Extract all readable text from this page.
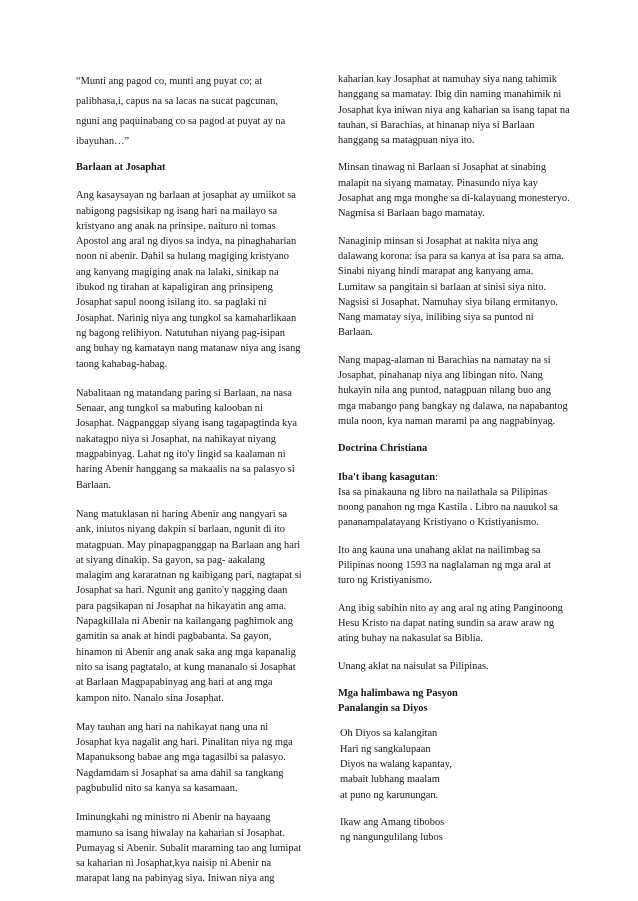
“Munti ang pagod co, munti ang puyat co; at palibhasa,i, capus na sa lacas na sucat pagcunan, nguni ang paquinabang co sa pagod at puyat ay na ibayuhan…”

Barlaan at Josaphat

Ang kasaysayan ng barlaan at josaphat ay umiikot sa nabigong pagsisikap ng isang hari na mailayo sa kristyano ang anak na prinsipe. naituro ni tomas Apostol ang aral ng diyos sa indya, na pinaghaharian noon ni abenir. Dahil sa hulang magiging kristyano ang kanyang magiging anak na lalaki, sinikap na ibukod ng tirahan at kapaligiran ang prinsipeng Josaphat sapul noong isilang ito. sa paglaki ni Josaphat. Narinig niya ang tungkol sa kamaharlikaan ng bagong relihiyon. Natutuhan niyang pag-isipan ang buhay ng kamatayn nang matanaw niya ang isang taong kahabag-habag.

Nabalitaan ng matandang paring si Barlaan, na nasa Senaar, ang tungkol sa mabuting kalooban ni Josaphat. Nagpanggap siyang isang tagapagtinda kya nakatagpo niya si Josaphat, na nahikayat niyang magpabinyag. Lahat ng ito'y lingid sa kaalaman ni haring Abenir hanggang sa makaalis na sa palasyo si Barlaan.

Nang matuklasan ni haring Abenir ang nangyari sa ank, iniutos niyang dakpin si barlaan, ngunit di ito matagpuan. May pinapagpanggap na Barlaan ang hari at siyang dinakip. Sa gayon, sa pag- aakalang malagim ang kararatnan ng kaibigang pari, nagtapat si Josaphat sa hari. Ngunit ang ganito'y nagging daan para pagsikapan ni Josaphat na hikayatin ang ama. Napagkillala ni Abenir na kailangang paghimok ang gamitin sa anak at hindi pagbabanta. Sa gayon, hinamon ni Abenir ang anak saka ang mga kapanalig nito sa isang pagtatalo, at kung mananalo si Josaphat at Barlaan Magpapabinyag ang hari at ang mga kampon nito. Nanalo sina Josaphat.

May tauhan ang hari na nahikayat nang una ni Josaphat kya nagalit ang hari. Pinalitan niya ng mga Mapanuksong babae ang mga tagasilbi sa palasyo. Nagdamdam si Josaphat sa ama dahil sa tangkang pagbubulid nito sa kanya sa kasamaan.

Iminungkahi ng ministro ni Abenir na hayaang mamuno sa isang hiwalay na kaharian si Josaphat. Pumayag si Abenir. Subalit maraming tao ang lumipat sa kaharian ni Josaphat,kya naisip ni Abenir na marapat lang na pabinyag siya. Iniwan niya ang

kaharian kay Josaphat at namuhay siya nang tahimik hanggang sa mamatay. Ibig din naming manahimik ni Josaphat kya iniwan niya ang kaharian sa isang tapat na tauhan, si Barachias, at hinanap niya si Barlaan hanggang sa matagpuan niya ito.

Minsan tinawag ni Barlaan si Josaphat at sinabing malapit na siyang mamatay. Pinasundo niya kay Josaphat ang mga monghe sa di-kalayuang monesteryo. Nagmisa si Barlaan bago mamatay.

Nanaginip minsan si Josaphat at nakita niya ang dalawang korona: isa para sa kanya at isa para sa ama. Sinabi niyang hindi marapat ang kanyang ama. Lumitaw sa pangitain si barlaan at sinisi siya nito. Nagsisi si Josaphat. Namuhay siya bilang ermitanyo. Nang mamatay siya, inilibing siya sa puntod ni Barlaan.

Nang mapag-alaman ni Barachias na namatay na si Josaphat, pinahanap niya ang libingan nito. Nang hukayin nila ang puntod, natagpuan nilang buo ang mga mabango pang bangkay ng dalawa, na napabantog mula noon, kya naman marami pa ang nagpabinyag.

Doctrina Christiana

Iba't ibang kasagutan:

Isa sa pinakauna ng libro na nailathala sa Pilipinas noong panahon ng mga Kastila . Libro na nauukol sa pananampalatayang Kristiyano o Kristiyanismo.

Ito ang kauna una unahang aklat na nailimbag sa Pilipinas noong 1593 na naglalaman ng mga aral at turo ng Kristiyanismo.

Ang ibig sabihin nito ay ang aral ng ating Panginoong Hesu Kristo na dapat nating sundin sa araw araw ng ating buhay na nakasulat sa Biblia.

Unang aklat na naisulat sa Pilipinas.

Mga halimbawa ng Pasyon

Panalangin sa Diyos

Oh Diyos sa kalangitan
Hari ng sangkalupaan
Diyos na walang kapantay,
mabait lubhang maalam
at puno ng karunungan.
Ikaw ang Amang tibobos
ng nangungulilang lubos
